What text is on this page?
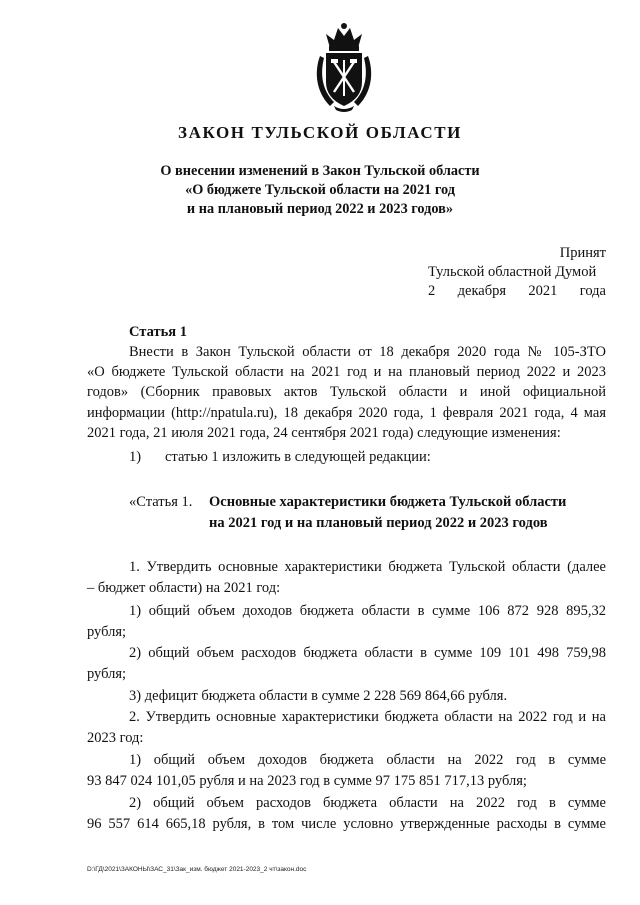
ЗАКОН ТУЛЬСКОЙ ОБЛАСТИ
О внесении изменений в Закон Тульской области
«О бюджете Тульской области на 2021 год
и на плановый период 2022 и 2023 годов»
Принят
Тульской областной Думой
2 декабря 2021 года
Статья 1
Внести в Закон Тульской области от 18 декабря 2020 года № 105-ЗТО
«О бюджете Тульской области на 2021 год и на плановый период 2022 и 2023
годов» (Сборник правовых актов Тульской области и иной официальной
информации (http://npatula.ru), 18 декабря 2020 года, 1 февраля 2021 года, 4 мая
2021 года, 21 июля 2021 года, 24 сентября 2021 года) следующие изменения:
1) статью 1 изложить в следующей редакции:
«Статья 1. Основные характеристики бюджета Тульской области
на 2021 год и на плановый период 2022 и 2023 годов
1. Утвердить основные характеристики бюджета Тульской области (далее
– бюджет области) на 2021 год:
1) общий объем доходов бюджета области в сумме 106 872 928 895,32
рубля;
2) общий объем расходов бюджета области в сумме 109 101 498 759,98
рубля;
3) дефицит бюджета области в сумме 2 228 569 864,66 рубля.
2. Утвердить основные характеристики бюджета области на 2022 год и на
2023 год:
1) общий объем доходов бюджета области на 2022 год в сумме
93 847 024 101,05 рубля и на 2023 год в сумме 97 175 851 717,13 рубля;
2) общий объем расходов бюджета области на 2022 год в сумме
96 557 614 665,18 рубля, в том числе условно утвержденные расходы в сумме
D:\ГД\2021\ЗАКОНЫ\ЗАС_31\Зак_изм. бюджет 2021-2023_2 чт\закон.doc
